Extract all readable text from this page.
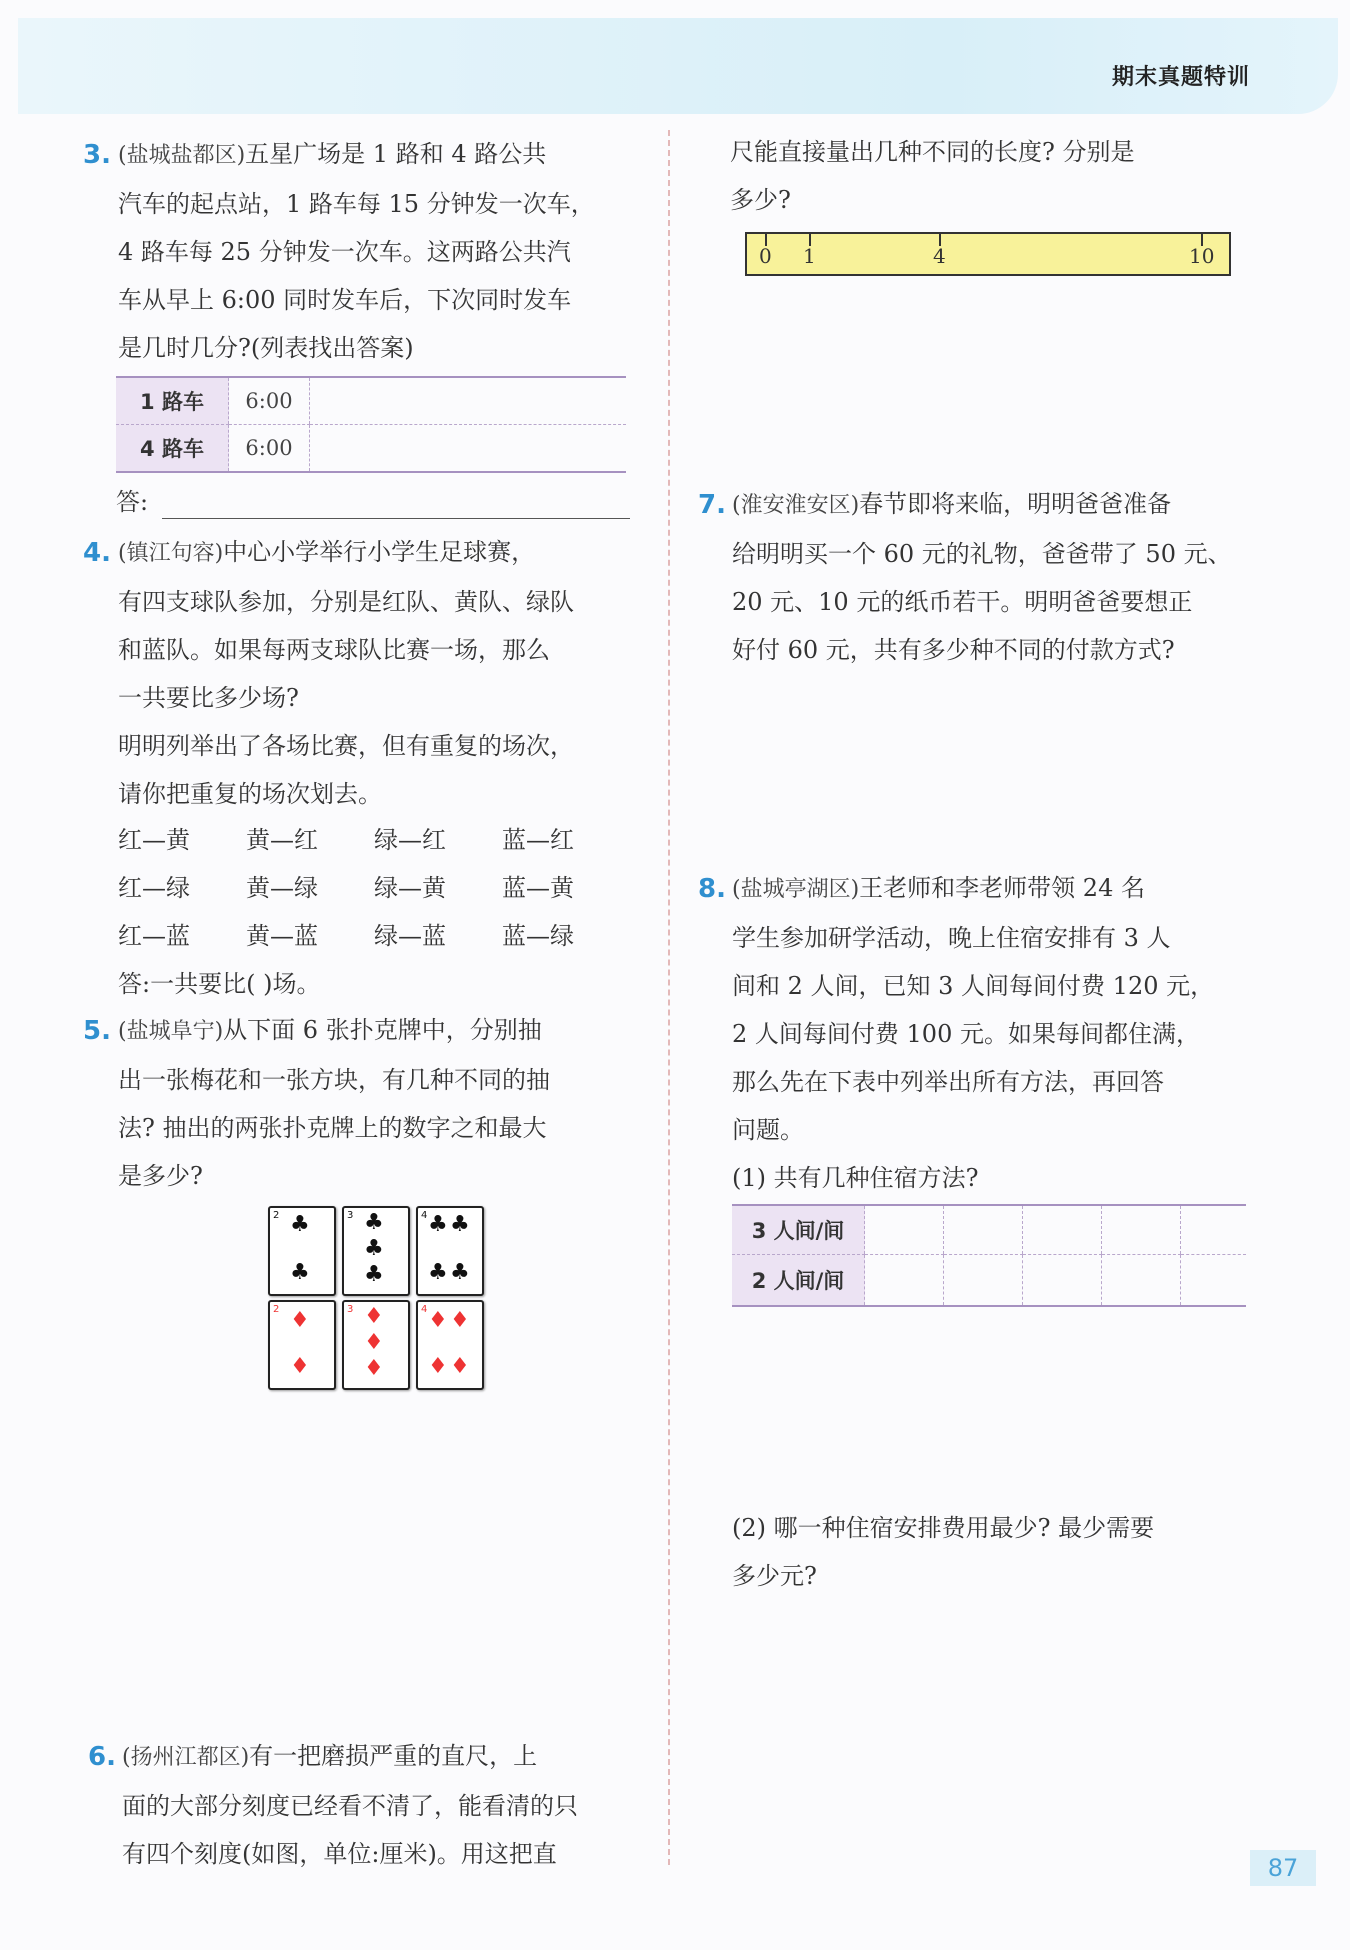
期末真题特训
3. (盐城盐都区)五星广场是 1 路和 4 路公共
汽车的起点站，1 路车每 15 分钟发一次车，
4 路车每 25 分钟发一次车。这两路公共汽
车从早上 6:00 同时发车后，下次同时发车
是几时几分?(列表找出答案)
1 路车	6:00	
4 路车	6:00	
答:
4. (镇江句容)中心小学举行小学生足球赛，
有四支球队参加，分别是红队、黄队、绿队
和蓝队。如果每两支球队比赛一场，那么
一共要比多少场?
明明列举出了各场比赛，但有重复的场次，
请你把重复的场次划去。
红—黄	黄—红	绿—红	蓝—红
红—绿	黄—绿	绿—黄	蓝—黄
红—蓝	黄—蓝	绿—蓝	蓝—绿
答:一共要比( )场。
5. (盐城阜宁)从下面 6 张扑克牌中，分别抽
出一张梅花和一张方块，有几种不同的抽
法? 抽出的两张扑克牌上的数字之和最大
是多少?
2 ♣
♣
3 ♣
♣
♣
4 ♣ ♣
♣ ♣
2 ♦
♦
3 ♦
♦
♦
4 ♦ ♦
♦ ♦
6. (扬州江都区)有一把磨损严重的直尺，上
面的大部分刻度已经看不清了，能看清的只
有四个刻度(如图，单位:厘米)。用这把直
尺能直接量出几种不同的长度? 分别是
多少?
0 1	4	10
7. (淮安淮安区)春节即将来临，明明爸爸准备
给明明买一个 60 元的礼物，爸爸带了 50 元、
20 元、10 元的纸币若干。明明爸爸要想正
好付 60 元，共有多少种不同的付款方式?
8. (盐城亭湖区)王老师和李老师带领 24 名
学生参加研学活动，晚上住宿安排有 3 人
间和 2 人间，已知 3 人间每间付费 120 元，
2 人间每间付费 100 元。如果每间都住满，
那么先在下表中列举出所有方法，再回答
问题。
(1) 共有几种住宿方法?
3 人间/间					
2 人间/间					
(2) 哪一种住宿安排费用最少? 最少需要
多少元?
87
